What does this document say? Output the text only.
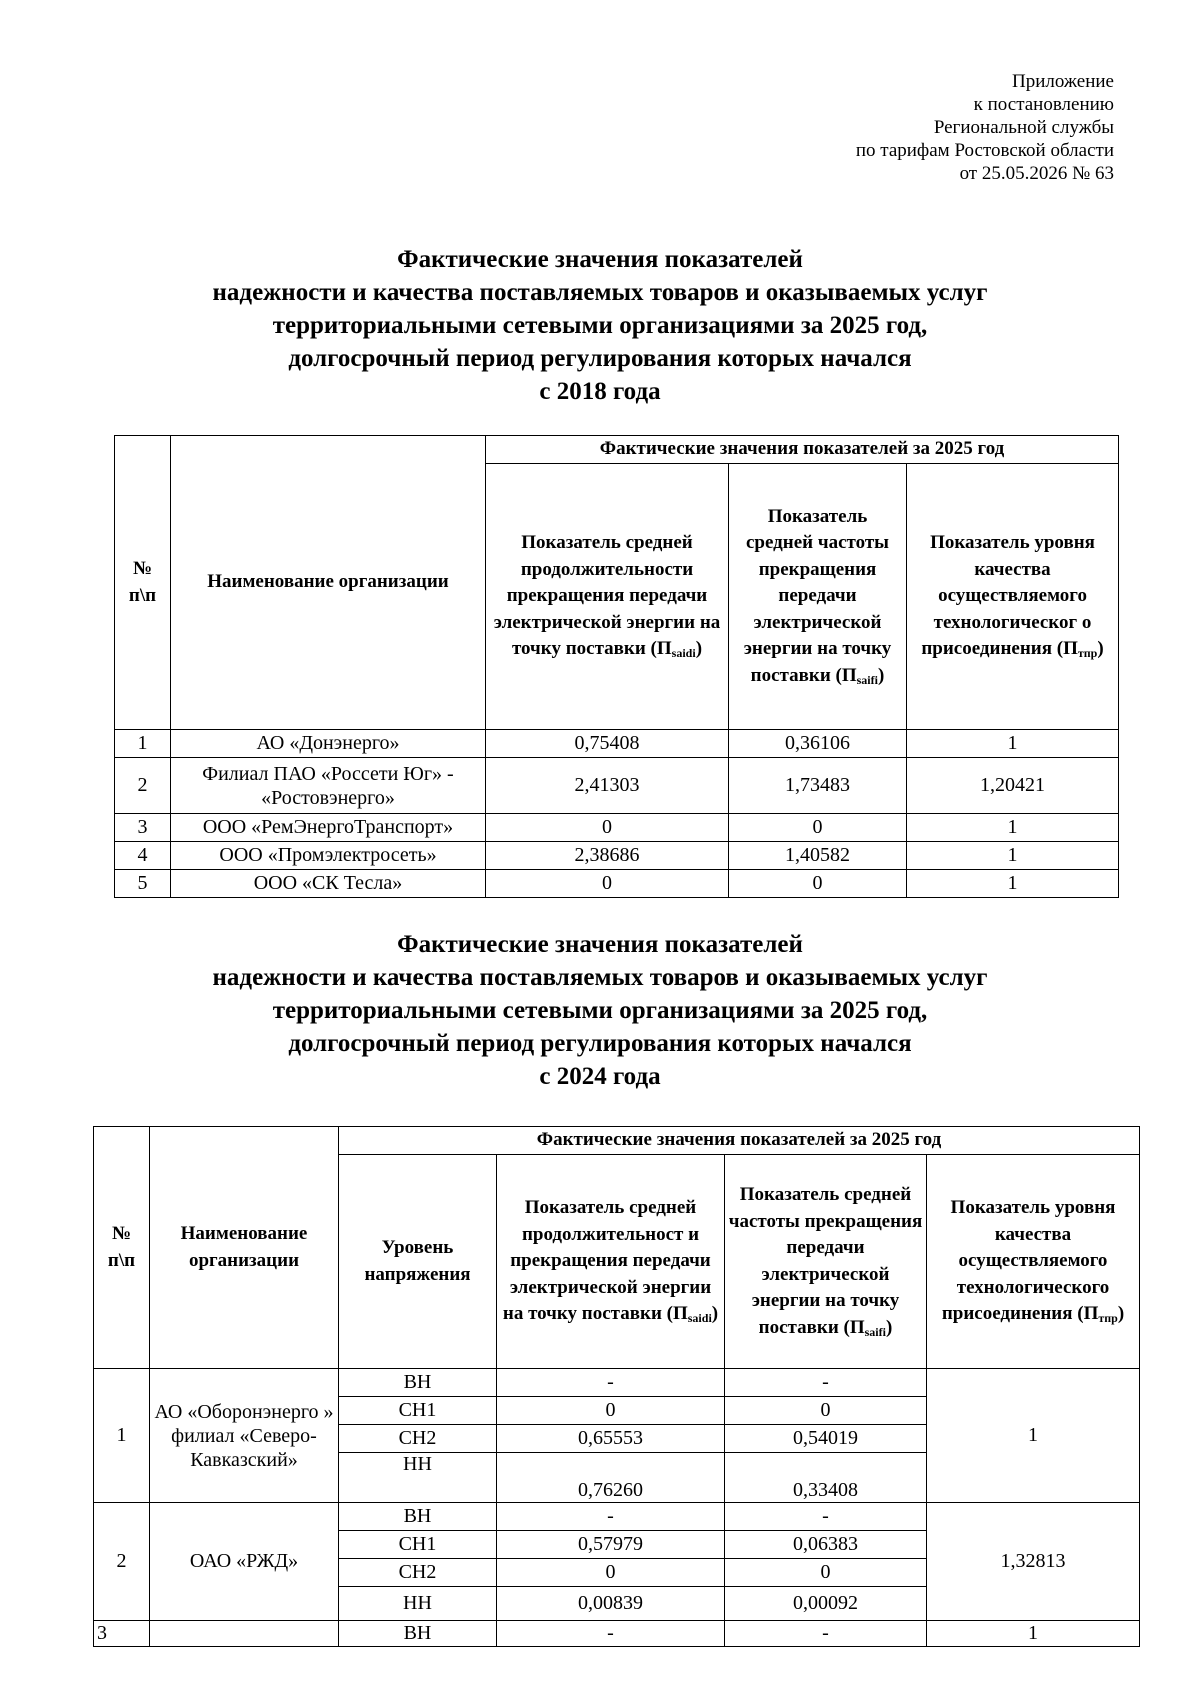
Приложение
к постановлению
Региональной службы
по тарифам Ростовской области
от 25.05.2026 № 63
Фактические значения показателей
надежности и качества поставляемых товаров и оказываемых услуг
территориальными сетевыми организациями за 2025 год,
долгосрочный период регулирования которых начался
с 2018 года
№ п\п	Наименование организации	Фактические значения показателей за 2025 год		
		Показатель средней продолжительности прекращения передачи электрической энергии на точку поставки $(П_{saidi})$	Показатель средней частоты прекращения передачи электрической энергии на точку поставки $(П_{saifi})$	Показатель уровня качества осуществляемого технологическог о присоединения $(П_{тпр})$
1	АО «Донэнерго»	0,75408	0,36106	1
2	Филиал ПАО «Россети Юг» - «Ростовэнерго»	2,41303	1,73483	1,20421
3	ООО «РемЭнергоТранспорт»	0	0	1
4	ООО «Промэлектросеть»	2,38686	1,40582	1
5	ООО «СК Тесла»	0	0	1
Фактические значения показателей
надежности и качества поставляемых товаров и оказываемых услуг
территориальными сетевыми организациями за 2025 год,
долгосрочный период регулирования которых начался
с 2024 года
№ п\п	Наименование организации	Фактические значения показателей за 2025 год			
		Уровень напряжения	Показатель средней продолжительност и прекращения передачи электрической энергии на точку поставки $(П_{saidi})$	Показатель средней частоты прекращения передачи электрической энергии на точку поставки $(П_{saifi})$	Показатель уровня качества осуществляемого технологического присоединения $(П_{тпр})$
1	АО «Оборонэнерго » филиал «Северо-Кавказский»	ВН	-	-	1
		СН1	0	0	
		СН2	0,65553	0,54019	
		НН	0,76260	0,33408	
2	ОАО «РЖД»	ВН	-	-	1,32813
		СН1	0,57979	0,06383	
		СН2	0	0	
		НН	0,00839	0,00092	
3		ВН	-	-	1
